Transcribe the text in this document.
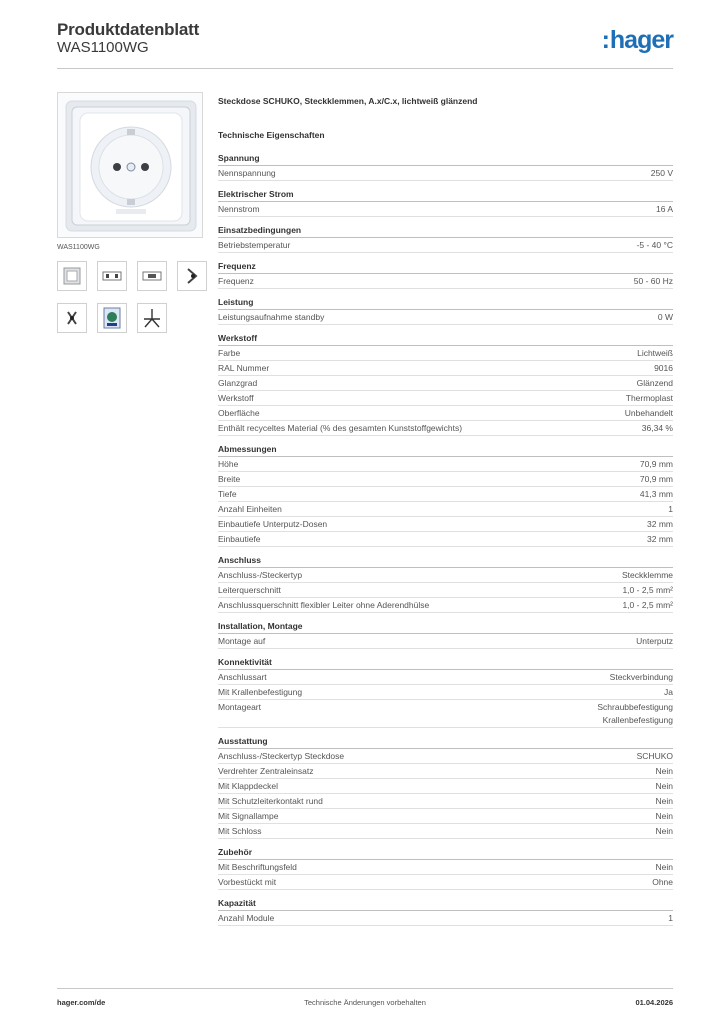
Produktdatenblatt
WAS1100WG	:hager
WAS1100WG
Steckdose SCHUKO, Steckklemmen, A.x/C.x, lichtweiß glänzend
Technische Eigenschaften
Spannung
Nennspannung	250 V
Elektrischer Strom
Nennstrom	16 A
Einsatzbedingungen
Betriebstemperatur	-5 - 40 °C
Frequenz
Frequenz	50 - 60 Hz
Leistung
Leistungsaufnahme standby	0 W
Werkstoff
Farbe	Lichtweiß
RAL Nummer	9016
Glanzgrad	Glänzend
Werkstoff	Thermoplast
Oberfläche	Unbehandelt
Enthält recyceltes Material (% des gesamten Kunststoffgewichts)	36,34 %
Abmessungen
Höhe	70,9 mm
Breite	70,9 mm
Tiefe	41,3 mm
Anzahl Einheiten	1
Einbautiefe Unterputz-Dosen	32 mm
Einbautiefe	32 mm
Anschluss
Anschluss-/Steckertyp	Steckklemme
Leiterquerschnitt	1,0 - 2,5 mm²
Anschlussquerschnitt flexibler Leiter ohne Aderendhülse	1,0 - 2,5 mm²
Installation, Montage
Montage auf	Unterputz
Konnektivität
Anschlussart	Steckverbindung
Mit Krallenbefestigung	Ja
Montageart	Schraubbefestigung
Krallenbefestigung
Ausstattung
Anschluss-/Steckertyp Steckdose	SCHUKO
Verdrehter Zentraleinsatz	Nein
Mit Klappdeckel	Nein
Mit Schutzleiterkontakt rund	Nein
Mit Signallampe	Nein
Mit Schloss	Nein
Zubehör
Mit Beschriftungsfeld	Nein
Vorbestückt mit	Ohne
Kapazität
Anzahl Module	1
hager.com/de	Technische Änderungen vorbehalten	01.04.2026
